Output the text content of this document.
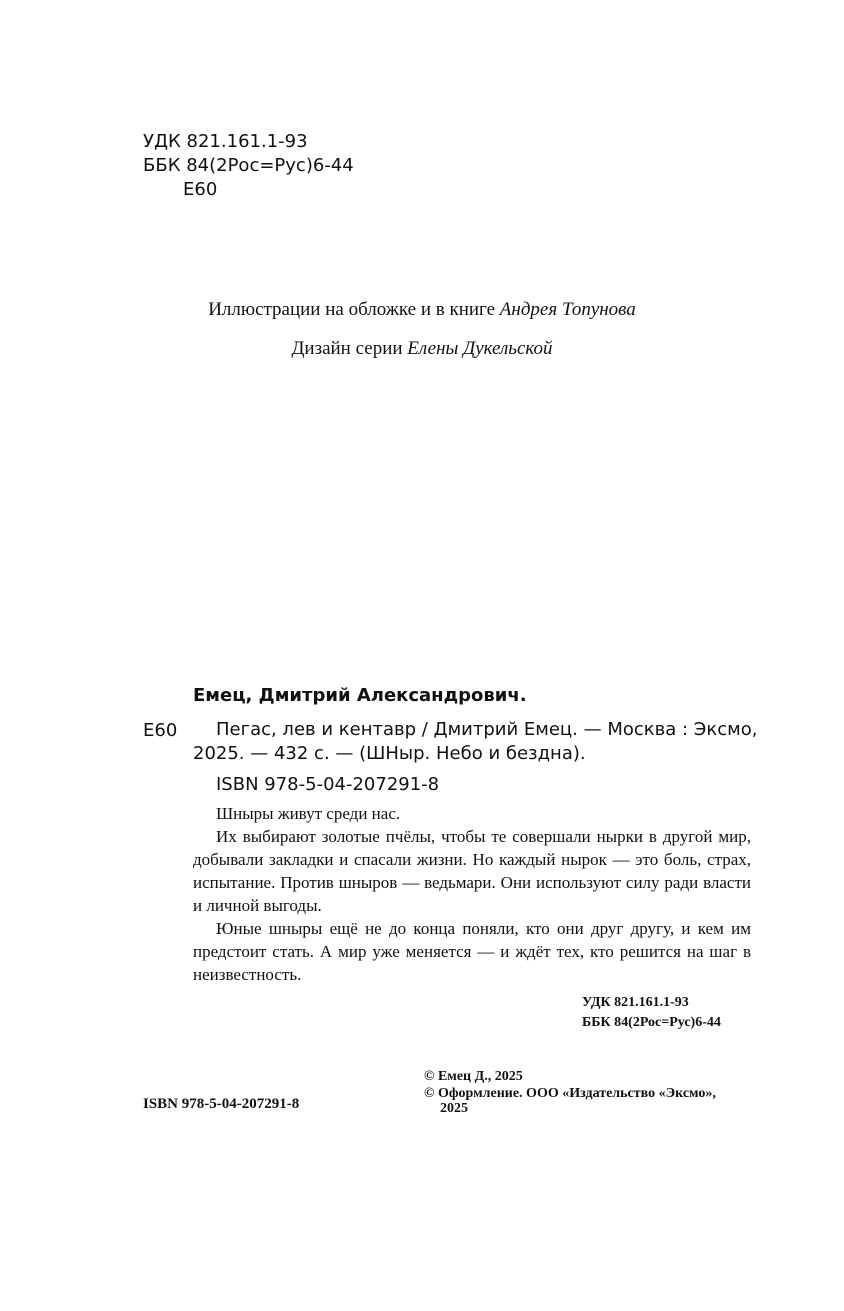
УДК 821.161.1-93
ББК 84(2Рос=Рус)6-44
Е60
Иллюстрации на обложке и в книге Андрея Топунова
Дизайн серии Елены Дукельской
Емец, Дмитрий Александрович.
Е60 Пегас, лев и кентавр / Дмитрий Емец. — Москва : Эксмо,
2025. — 432 с. — (ШНыр. Небо и бездна).
ISBN 978-5-04-207291-8

Шныры живут среди нас.

Их выбирают золотые пчёлы, чтобы те совершали нырки в другой мир, добывали закладки и спасали жизни. Но каждый нырок — это боль, страх, испытание. Против шныров — ведьмари. Они используют силу ради власти и личной выгоды.

Юные шныры ещё не до конца поняли, кто они друг другу, и кем им предстоит стать. А мир уже меняется — и ждёт тех, кто решится на шаг в неизвестность.

УДК 821.161.1-93
ББК 84(2Рос=Рус)6-44
© Емец Д., 2025
© Оформление. ООО «Издательство «Эксмо»,
2025
ISBN 978-5-04-207291-8
